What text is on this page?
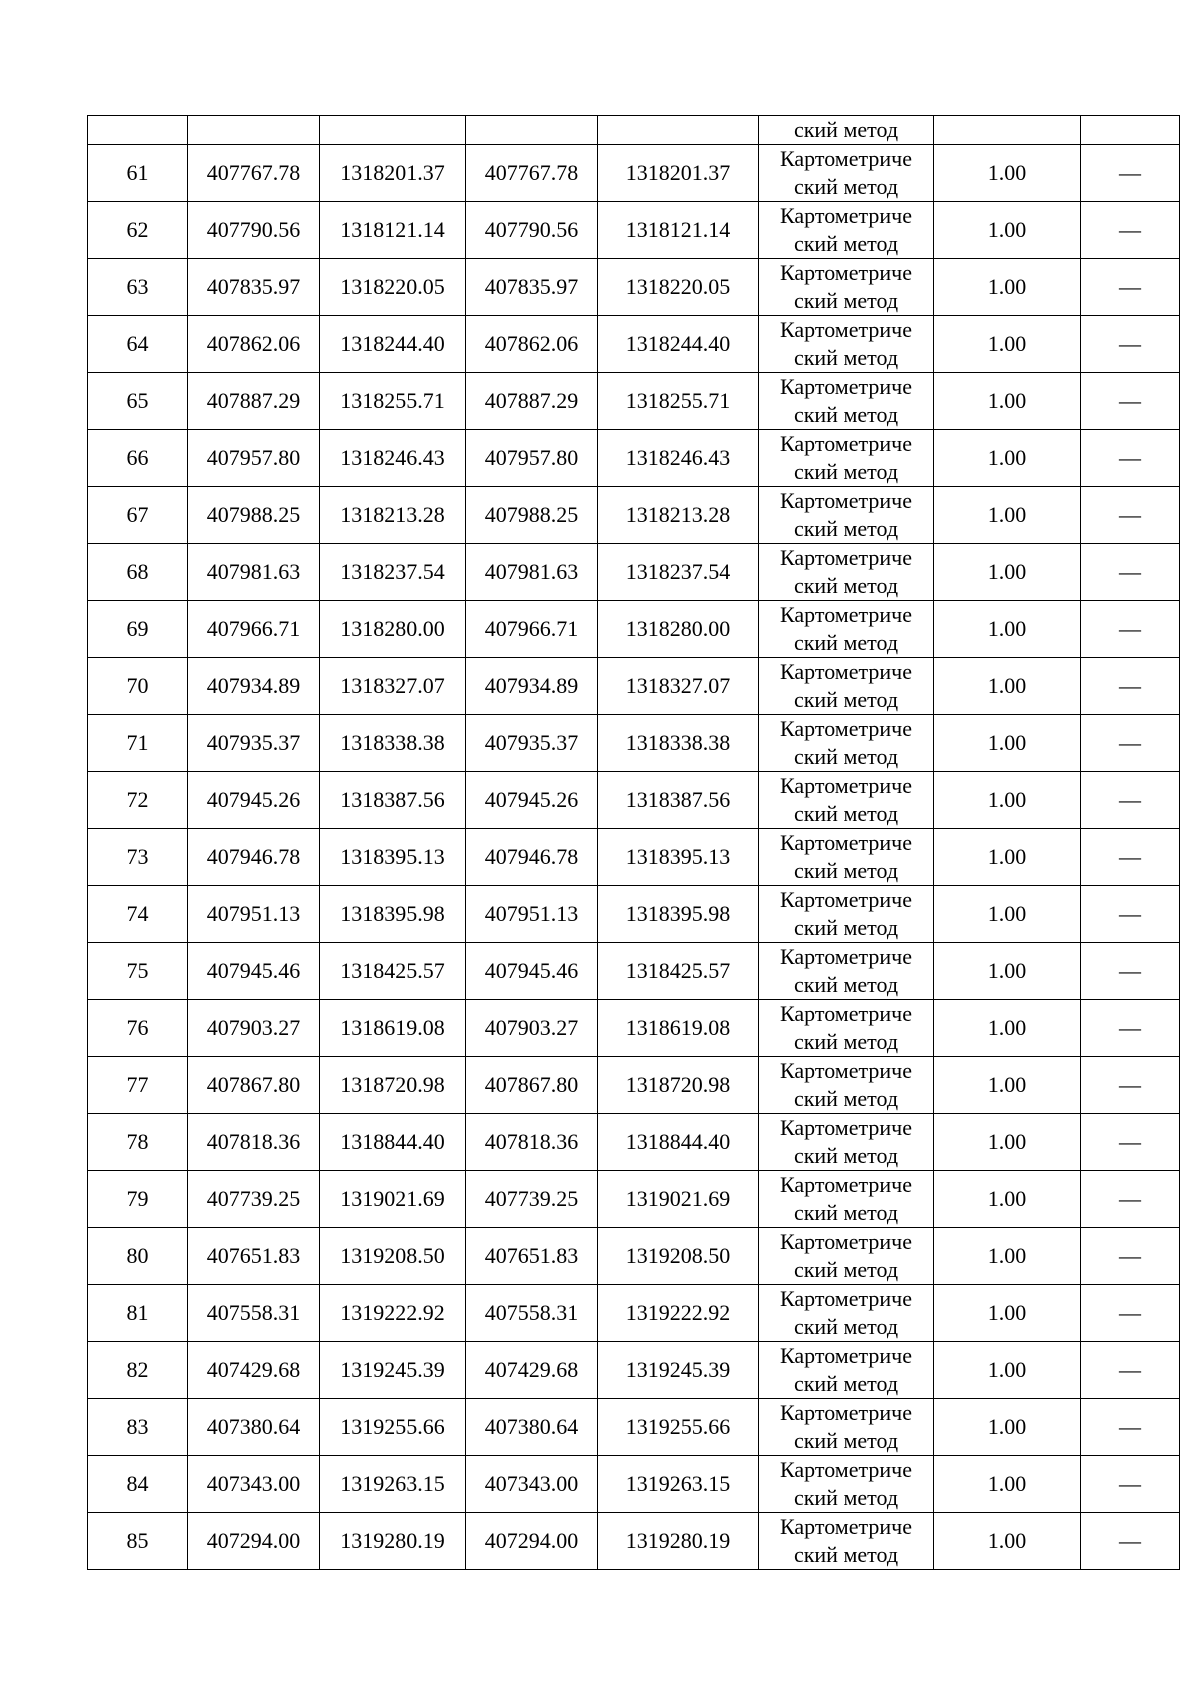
					ский метод		
61	407767.78	1318201.37	407767.78	1318201.37	Картометриче
ский метод	1.00	—
62	407790.56	1318121.14	407790.56	1318121.14	Картометриче
ский метод	1.00	—
63	407835.97	1318220.05	407835.97	1318220.05	Картометриче
ский метод	1.00	—
64	407862.06	1318244.40	407862.06	1318244.40	Картометриче
ский метод	1.00	—
65	407887.29	1318255.71	407887.29	1318255.71	Картометриче
ский метод	1.00	—
66	407957.80	1318246.43	407957.80	1318246.43	Картометриче
ский метод	1.00	—
67	407988.25	1318213.28	407988.25	1318213.28	Картометриче
ский метод	1.00	—
68	407981.63	1318237.54	407981.63	1318237.54	Картометриче
ский метод	1.00	—
69	407966.71	1318280.00	407966.71	1318280.00	Картометриче
ский метод	1.00	—
70	407934.89	1318327.07	407934.89	1318327.07	Картометриче
ский метод	1.00	—
71	407935.37	1318338.38	407935.37	1318338.38	Картометриче
ский метод	1.00	—
72	407945.26	1318387.56	407945.26	1318387.56	Картометриче
ский метод	1.00	—
73	407946.78	1318395.13	407946.78	1318395.13	Картометриче
ский метод	1.00	—
74	407951.13	1318395.98	407951.13	1318395.98	Картометриче
ский метод	1.00	—
75	407945.46	1318425.57	407945.46	1318425.57	Картометриче
ский метод	1.00	—
76	407903.27	1318619.08	407903.27	1318619.08	Картометриче
ский метод	1.00	—
77	407867.80	1318720.98	407867.80	1318720.98	Картометриче
ский метод	1.00	—
78	407818.36	1318844.40	407818.36	1318844.40	Картометриче
ский метод	1.00	—
79	407739.25	1319021.69	407739.25	1319021.69	Картометриче
ский метод	1.00	—
80	407651.83	1319208.50	407651.83	1319208.50	Картометриче
ский метод	1.00	—
81	407558.31	1319222.92	407558.31	1319222.92	Картометриче
ский метод	1.00	—
82	407429.68	1319245.39	407429.68	1319245.39	Картометриче
ский метод	1.00	—
83	407380.64	1319255.66	407380.64	1319255.66	Картометриче
ский метод	1.00	—
84	407343.00	1319263.15	407343.00	1319263.15	Картометриче
ский метод	1.00	—
85	407294.00	1319280.19	407294.00	1319280.19	Картометриче
ский метод	1.00	—
